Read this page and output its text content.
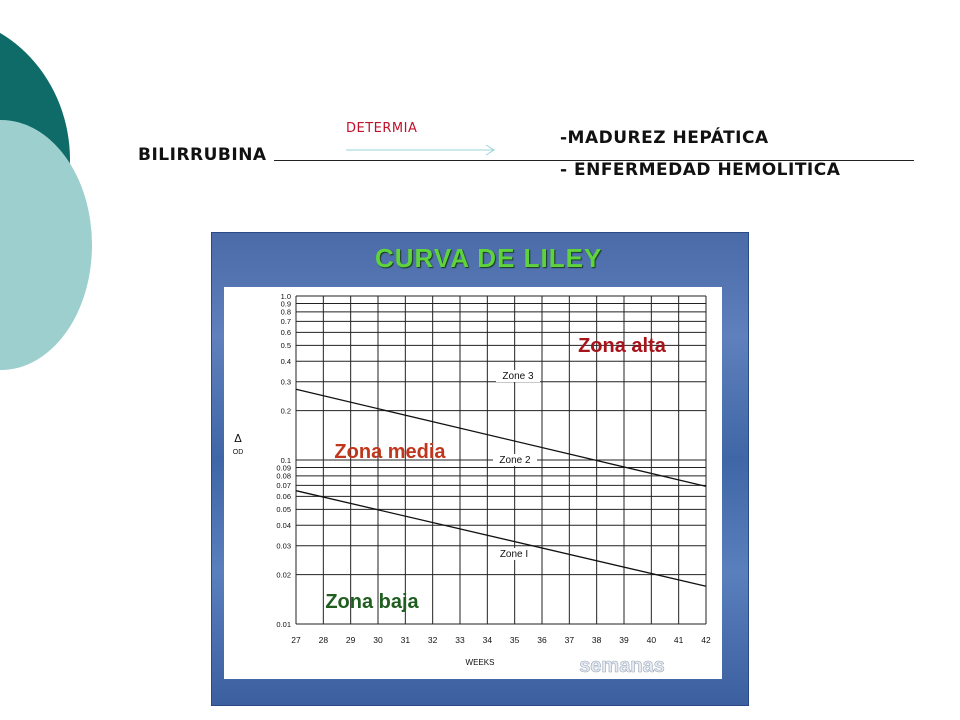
DETERMIA
BILIRRUBINA
-MADUREZ HEPÁTICA
- ENFERMEDAD HEMOLITICA
CURVA DE LILEY
27 28 29 30 31 32 33 34 35 36 37 38 39 40 41 42
1.0
0.9
0.8
0.7
0.6
0.5
0.4
0.3
0.2
0.1
0.09
0.08
0.07
0.06
0.05
0.04
0.03
0.02
0.01
Zone 3
Zone 2
Zone I
Zona alta
Zona media
Zona baja
WEEKS	semanas
Δ
OD
